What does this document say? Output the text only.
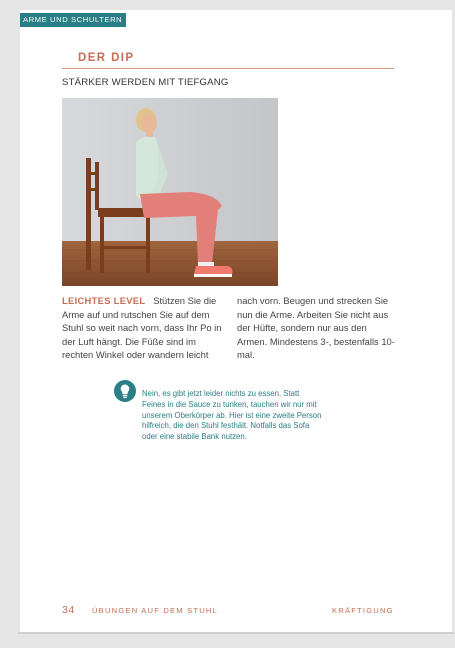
ARME UND SCHULTERN
DER DIP
STÄRKER WERDEN MIT TIEFGANG
LEICHTES LEVEL Stützen Sie die Arme auf und rutschen Sie auf dem Stuhl so weit nach vorn, dass Ihr Po in der Luft hängt. Die Füße sind im rechten Winkel oder wandern leicht
nach vorn. Beugen und strecken Sie nun die Arme. Arbeiten Sie nicht aus der Hüfte, sondern nur aus den Armen. Mindestens 3-, bestenfalls 10-mal.
Nein, es gibt jetzt leider nichts zu essen. Statt Feines in die Sauce zu tunken, tauchen wir nur mit unserem Oberkörper ab. Hier ist eine zweite Person hilfreich, die den Stuhl festhält. Notfalls das Sofa oder eine stabile Bank nutzen.
34 ÜBUNGEN AUF DEM STUHL	KRÄFTIGUNG
